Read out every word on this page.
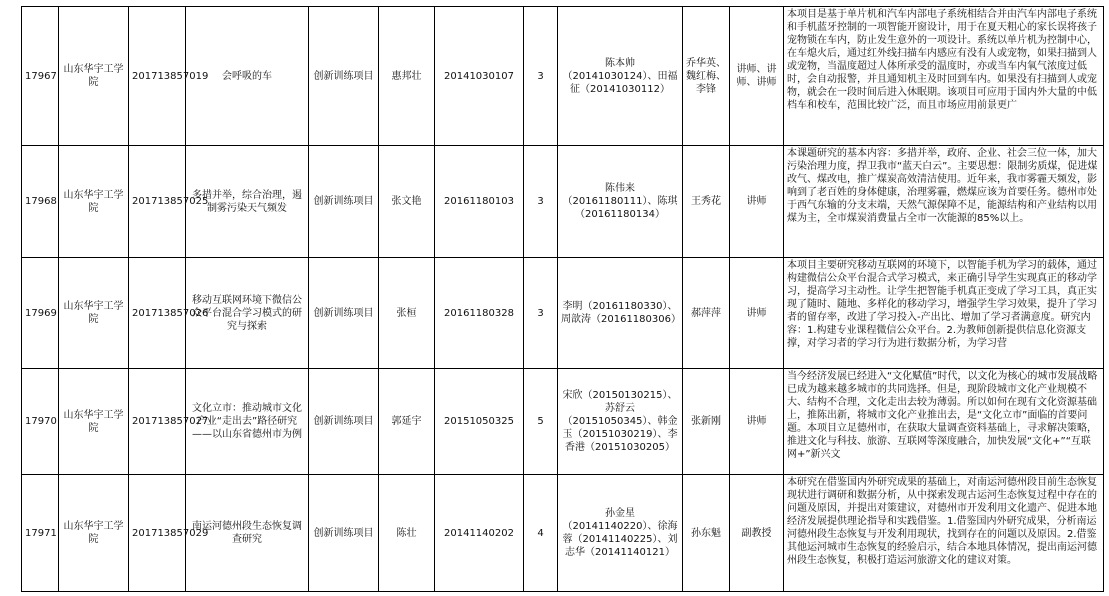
17967	山东华宇工学院	201713857019	会呼吸的车	创新训练项目	惠邦壮	20141030107	3	陈本帅（20141030124）、田福征（20141030112）	乔华英、魏红梅、李锋	讲师、讲师、讲师	本项目是基于单片机和汽车内部电子系统相结合并由汽车内部电子系统和手机蓝牙控制的一项智能开窗设计，用于在夏天粗心的家长误将孩子宠物锁在车内，防止发生意外的一项设计。系统以单片机为控制中心，在车熄火后，通过红外线扫描车内感应有没有人或宠物，如果扫描到人或宠物，当温度超过人体所承受的温度时，亦或当车内氧气浓度过低时，会自动报警，并且通知机主及时回到车内。如果没有扫描到人或宠物，就会在一段时间后进入休眠期。该项目可应用于国内外大量的中低档车和校车，范围比较广泛，而且市场应用前景更广

17968	山东华宇工学院	201713857025	多措并举，综合治理，遏制雾污染天气频发	创新训练项目	张文艳	20161180103	3	陈伟来（20161180111）、陈琪（20161180134）	王秀花	讲师	本课题研究的基本内容：多措并举，政府、企业、社会三位一体，加大污染治理力度，捍卫我市“蓝天白云”。主要思想：限制劣质煤，促进煤改气、煤改电，推广煤炭高效清洁使用。近年来，我市雾霾天频发，影响到了老百姓的身体健康，治理雾霾，燃煤应该为首要任务。德州市处于西气东输的分支末端，天然气源保障不足，能源结构和产业结构以用煤为主，全市煤炭消费量占全市一次能源的85%以上。

17969	山东华宇工学院	201713857026	移动互联网环境下微信公众平台混合学习模式的研究与探索	创新训练项目	张桓	20161180328	3	李明（20161180330）、周歆涛（20161180306）	郝萍萍	讲师	本项目主要研究移动互联网的环境下，以智能手机为学习的载体，通过构建微信公众平台混合式学习模式，来正确引导学生实现真正的移动学习，提高学习主动性。让学生把智能手机真正变成了学习工具，真正实现了随时、随地、多样化的移动学习，增强学生学习效果，提升了学习者的留存率，改进了学习投入-产出比、增加了学习者满意度。研究内容：1.构建专业课程微信公众平台。2.为教师创新提供信息化资源支撑，对学习者的学习行为进行数据分析，为学习营

17970	山东华宇工学院	201713857027	文化立市：推动城市文化产业“走出去”路径研究——以山东省德州市为例	创新训练项目	郭延宇	20151050325	5	宋欣（20150130215）、苏舒云（20151050345）、韩金玉（20151030219）、李香港（20151030205）	张新刚	讲师	当今经济发展已经进入“文化赋值”时代，以文化为核心的城市发展战略已成为越来越多城市的共同选择。但是，现阶段城市文化产业规模不大、结构不合理，文化走出去较为薄弱。所以如何在现有文化资源基础上，推陈出新，将城市文化产业推出去，是“文化立市”面临的首要问题。本项目立足德州市，在获取大量调查资料基础上，寻求解决策略，推进文化与科技、旅游、互联网等深度融合，加快发展“文化+”“互联网+”新兴文

17971	山东华宇工学院	201713857029	南运河德州段生态恢复调查研究	创新训练项目	陈壮	20141140202	4	孙金星（20141140220）、徐海蓉（20141140225）、刘志华（20141140121）	孙东魁	副教授	本研究在借鉴国内外研究成果的基础上，对南运河德州段目前生态恢复现状进行调研和数据分析，从中探索发现古运河生态恢复过程中存在的问题及原因，并提出对策建议，对德州市开发利用文化遗产、促进本地经济发展提供理论指导和实践借鉴。1.借鉴国内外研究成果，分析南运河德州段生态恢复与开发利用现状，找到存在的问题以及原因。2.借鉴其他运河城市生态恢复的经验启示，结合本地具体情况，提出南运河德州段生态恢复，积极打造运河旅游文化的建议对策。
